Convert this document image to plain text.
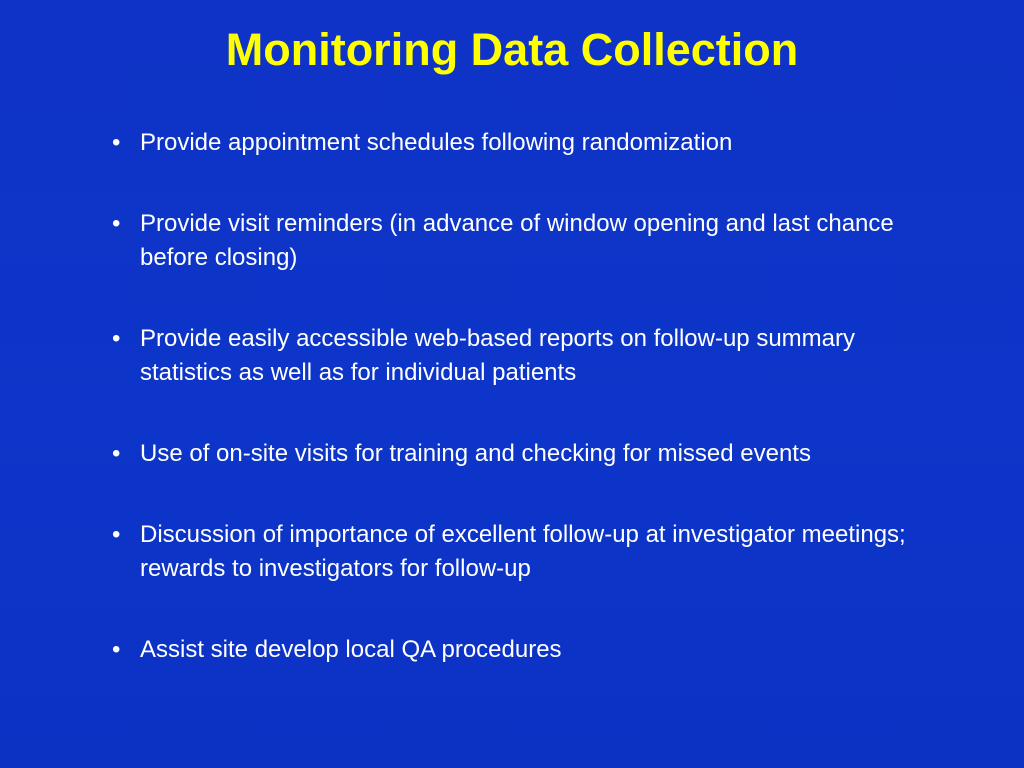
Monitoring Data Collection
• Provide appointment schedules following randomization
• Provide visit reminders (in advance of window opening and last chance before closing)
• Provide easily accessible web-based reports on follow-up summary statistics as well as for individual patients
• Use of on-site visits for training and checking for missed events
• Discussion of importance of excellent follow-up at investigator meetings; rewards to investigators for follow-up
• Assist site develop local QA procedures
